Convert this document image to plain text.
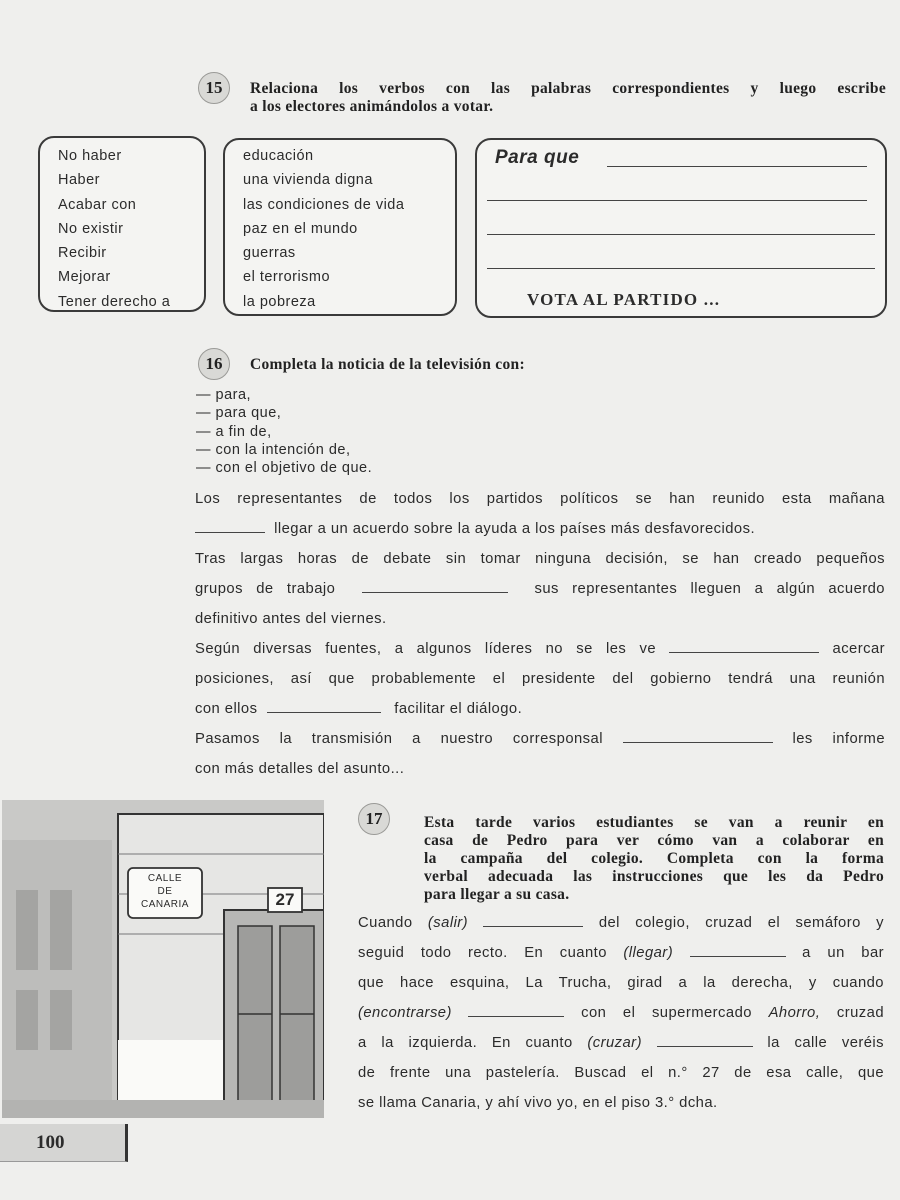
15	Relaciona los verbos con las palabras correspondientes y luego escribe
a los electores animándolos a votar.
No haber
Haber
Acabar con
No existir
Recibir
Mejorar
Tener derecho a
educación
una vivienda digna
las condiciones de vida
paz en el mundo
guerras
el terrorismo
la pobreza
Para que
VOTA AL PARTIDO ...
16	Completa la noticia de la televisión con:
— para,
— para que,
— a fin de,
— con la intención de,
— con el objetivo de que.

Los representantes de todos los partidos políticos se han reunido esta mañana

llegar a un acuerdo sobre la ayuda a los países más desfavorecidos.

Tras largas horas de debate sin tomar ninguna decisión, se han creado pequeños

grupos de trabajo	sus representantes lleguen a algún acuerdo

definitivo antes del viernes.

Según diversas fuentes, a algunos líderes no se les ve	acercar

posiciones, así que probablemente el presidente del gobierno tendrá una reunión

con ellos	facilitar el diálogo.

Pasamos la transmisión a nuestro corresponsal	les informe

con más detalles del asunto...

CALLE
DE
CANARIA	27
17	Esta tarde varios estudiantes se van a reunir en
casa de Pedro para ver cómo van a colaborar en
la campaña del colegio. Completa con la forma
verbal adecuada las instrucciones que les da Pedro
para llegar a su casa.

Cuando (salir)	del colegio, cruzad el semáforo y

seguid todo recto. En cuanto (llegar)	a un bar

que hace esquina, La Trucha, girad a la derecha, y cuando

(encontrarse)	con el supermercado Ahorro, cruzad

a la izquierda. En cuanto (cruzar)	la calle veréis

de frente una pastelería. Buscad el n.° 27 de esa calle, que

se llama Canaria, y ahí vivo yo, en el piso 3.° dcha.

100
